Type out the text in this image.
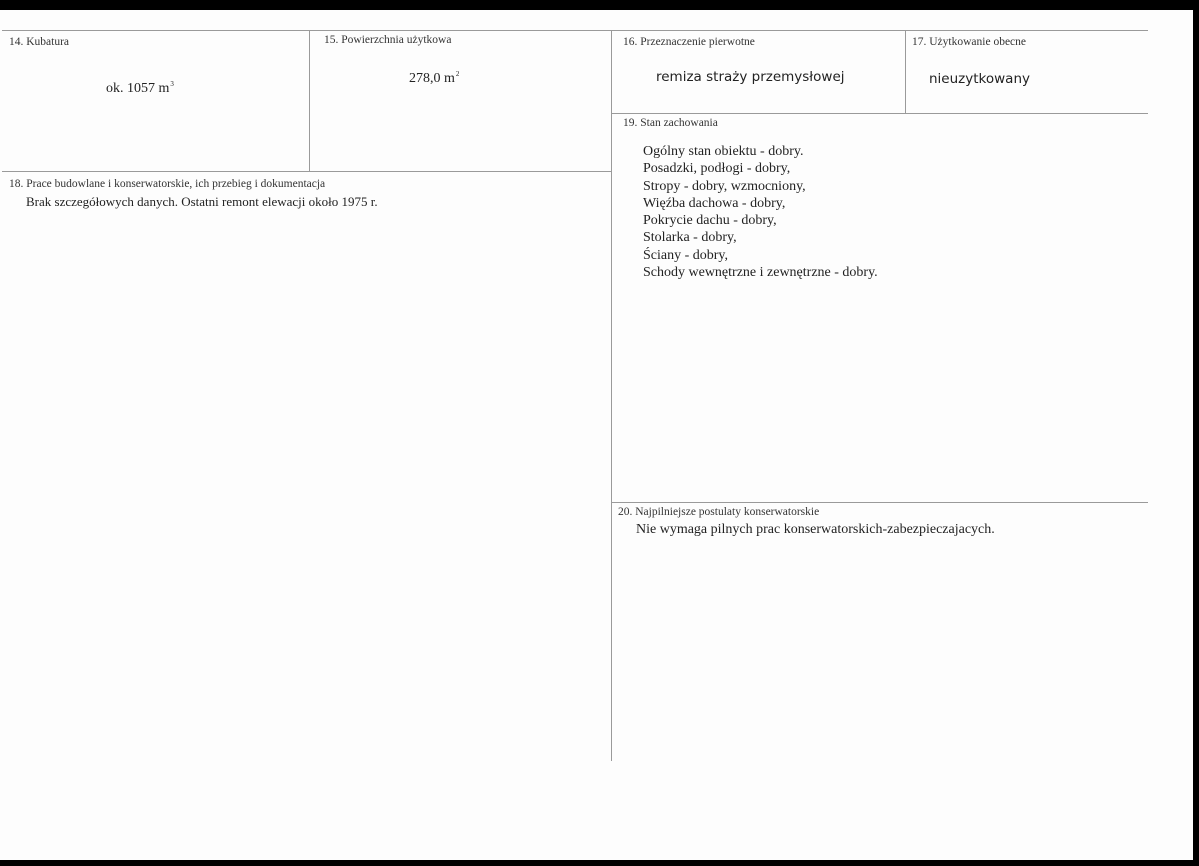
14. Kubatura
ok. 1057 $m^3$
15. Powierzchnia użytkowa
278,0 $m^2$
16. Przeznaczenie pierwotne
remiza straży przemysłowej
17. Użytkowanie obecne
nieuzytkowany
18. Prace budowlane i konserwatorskie, ich przebieg i dokumentacja
Brak szczegółowych danych. Ostatni remont elewacji około 1975 r.
19. Stan zachowania
Ogólny stan obiektu - dobry.
Posadzki, podłogi - dobry,
Stropy - dobry, wzmocniony,
Więźba dachowa - dobry,
Pokrycie dachu - dobry,
Stolarka - dobry,
Ściany - dobry,
Schody wewnętrzne i zewnętrzne - dobry.
20. Najpilniejsze postulaty konserwatorskie
Nie wymaga pilnych prac konserwatorskich-zabezpieczajacych.
